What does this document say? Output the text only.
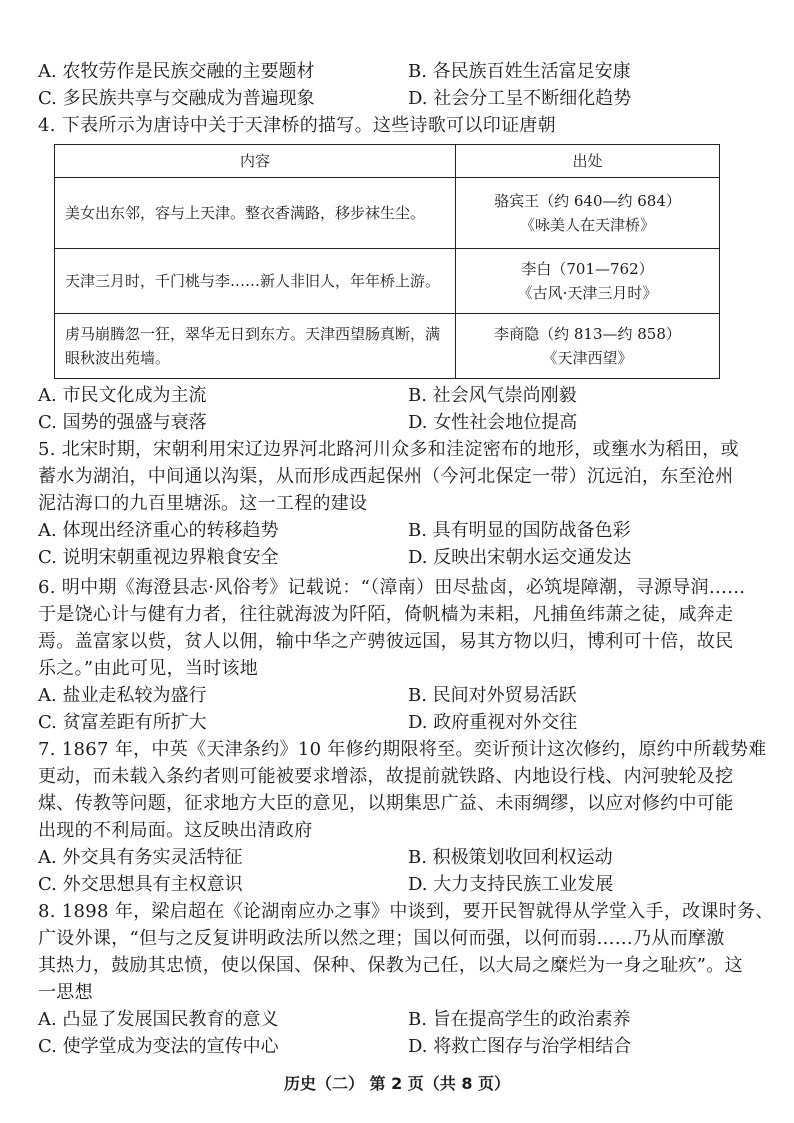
A. 农牧劳作是民族交融的主要题材	B. 各民族百姓生活富足安康
C. 多民族共享与交融成为普遍现象	D. 社会分工呈不断细化趋势
4. 下表所示为唐诗中关于天津桥的描写。这些诗歌可以印证唐朝
内容	出处
美女出东邻，容与上天津。整衣香满路，移步袜生尘。	骆宾王（约 640—约 684）
《咏美人在天津桥》

天津三月时，千门桃与李……新人非旧人，年年桥上游。	李白（701—762）
《古风·天津三月时》

虏马崩腾忽一狂，翠华无日到东方。天津西望肠真断，满眼秋波出苑墙。	李商隐（约 813—约 858）
《天津西望》
A. 市民文化成为主流	B. 社会风气崇尚刚毅
C. 国势的强盛与衰落	D. 女性社会地位提高
5. 北宋时期，宋朝利用宋辽边界河北路河川众多和洼淀密布的地形，或壅水为稻田，或
蓄水为湖泊，中间通以沟渠，从而形成西起保州（今河北保定一带）沉远泊，东至沧州
泥沽海口的九百里塘泺。这一工程的建设
A. 体现出经济重心的转移趋势	B. 具有明显的国防战备色彩
C. 说明宋朝重视边界粮食安全	D. 反映出宋朝水运交通发达
6. 明中期《海澄县志·风俗考》记载说：“（漳南）田尽盐卤，必筑堤障潮，寻源导润……
于是饶心计与健有力者，往往就海波为阡陌，倚帆樯为耒耜，凡捕鱼纬萧之徒，咸奔走
焉。盖富家以赀，贫人以佣，输中华之产骋彼远国，易其方物以归，博利可十倍，故民
乐之。”由此可见，当时该地
A. 盐业走私较为盛行	B. 民间对外贸易活跃
C. 贫富差距有所扩大	D. 政府重视对外交往
7. 1867 年，中英《天津条约》10 年修约期限将至。奕䜣预计这次修约，原约中所载势难
更动，而未载入条约者则可能被要求增添，故提前就铁路、内地设行栈、内河驶轮及挖
煤、传教等问题，征求地方大臣的意见，以期集思广益、未雨绸缪，以应对修约中可能
出现的不利局面。这反映出清政府
A. 外交具有务实灵活特征	B. 积极策划收回利权运动
C. 外交思想具有主权意识	D. 大力支持民族工业发展
8. 1898 年，梁启超在《论湖南应办之事》中谈到，要开民智就得从学堂入手，改课时务、
广设外课，“但与之反复讲明政法所以然之理；国以何而强，以何而弱……乃从而摩激
其热力，鼓励其忠愤，使以保国、保种、保教为己任，以大局之糜烂为一身之耻疚”。这
一思想
A. 凸显了发展国民教育的意义	B. 旨在提高学生的政治素养
C. 使学堂成为变法的宣传中心	D. 将救亡图存与治学相结合
历史（二） 第 2 页（共 8 页）
